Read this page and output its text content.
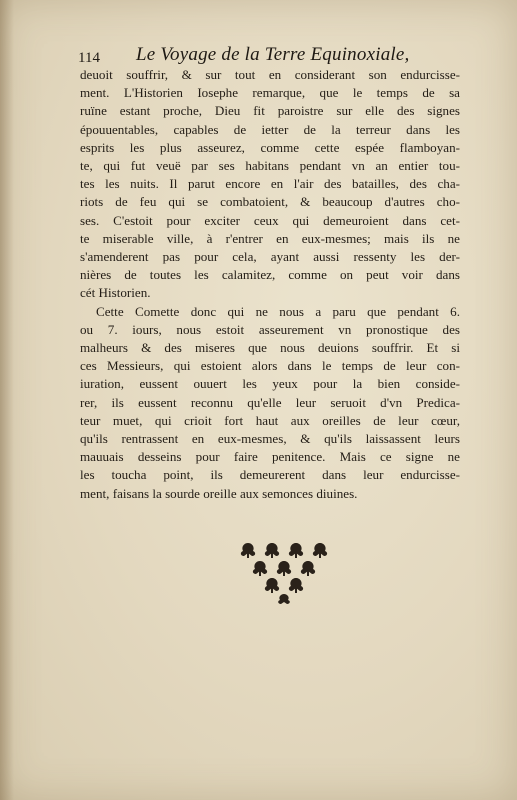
114 Le Voyage de la Terre Equinoxiale,
deuoit souffrir, & sur tout en considerant son endurcisse-
ment. L'Historien Iosephe remarque, que le temps de sa
ruïne estant proche, Dieu fit paroistre sur elle des signes
épouuentables, capables de ietter de la terreur dans les
esprits les plus asseurez, comme cette espée flamboyan-
te, qui fut veuë par ses habitans pendant vn an entier tou-
tes les nuits. Il parut encore en l'air des batailles, des cha-
riots de feu qui se combatoient, & beaucoup d'autres cho-
ses. C'estoit pour exciter ceux qui demeuroient dans cet-
te miserable ville, à r'entrer en eux-mesmes; mais ils ne
s'amenderent pas pour cela, ayant aussi ressenty les der-
nières de toutes les calamitez, comme on peut voir dans
cét Historien.
Cette Comette donc qui ne nous a paru que pendant 6.
ou 7. iours, nous estoit asseurement vn pronostique des
malheurs & des miseres que nous deuions souffrir. Et si
ces Messieurs, qui estoient alors dans le temps de leur con-
iuration, eussent ouuert les yeux pour la bien conside-
rer, ils eussent reconnu qu'elle leur seruoit d'vn Predica-
teur muet, qui crioit fort haut aux oreilles de leur cœur,
qu'ils rentrassent en eux-mesmes, & qu'ils laissassent leurs
mauuais desseins pour faire penitence. Mais ce signe ne
les toucha point, ils demeurerent dans leur endurcisse-
ment, faisans la sourde oreille aux semonces diuines.
